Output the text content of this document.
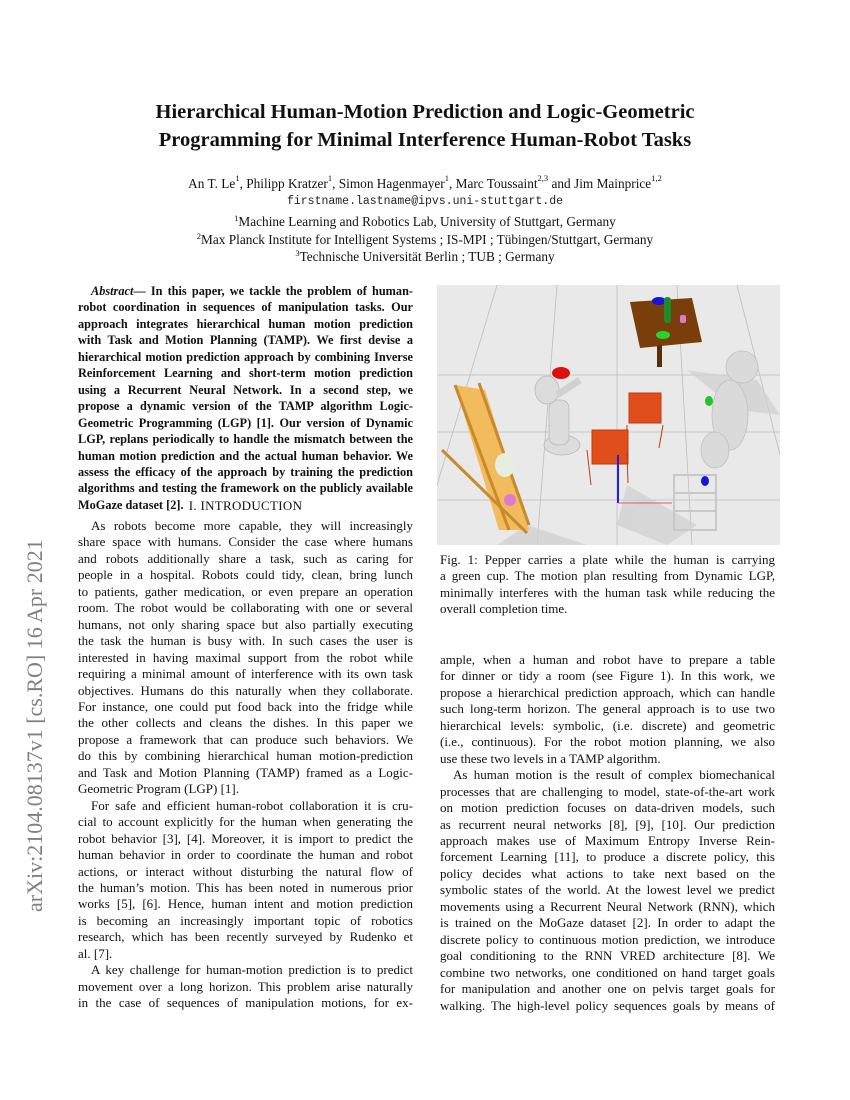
arXiv:2104.08137v1 [cs.RO] 16 Apr 2021
Hierarchical Human-Motion Prediction and Logic-Geometric
Programming for Minimal Interference Human-Robot Tasks
An T. Le$^1$, Philipp Kratzer$^1$, Simon Hagenmayer$^1$, Marc Toussaint$^{2,3}$ and Jim Mainprice$^{1,2}$
firstname.lastname@ipvs.uni-stuttgart.de
$^1$Machine Learning and Robotics Lab, University of Stuttgart, Germany
$^2$Max Planck Institute for Intelligent Systems ; IS-MPI ; Tübingen/Stuttgart, Germany
$^3$Technische Universität Berlin ; TUB ; Germany
Abstract— In this paper, we tackle the problem of human-
robot coordination in sequences of manipulation tasks. Our
approach integrates hierarchical human motion prediction
with Task and Motion Planning (TAMP). We first devise a
hierarchical motion prediction approach by combining Inverse
Reinforcement Learning and short-term motion prediction
using a Recurrent Neural Network. In a second step, we
propose a dynamic version of the TAMP algorithm Logic-
Geometric Programming (LGP) [1]. Our version of Dynamic
LGP, replans periodically to handle the mismatch between the
human motion prediction and the actual human behavior. We
assess the efficacy of the approach by training the prediction
algorithms and testing the framework on the publicly available
MoGaze dataset [2]. I. INTRODUCTION
As robots become more capable, they will increasingly
share space with humans. Consider the case where humans
and robots additionally share a task, such as caring for
people in a hospital. Robots could tidy, clean, bring lunch
to patients, gather medication, or even prepare an operation
room. The robot would be collaborating with one or several
humans, not only sharing space but also partially executing
the task the human is busy with. In such cases the user is
interested in having maximal support from the robot while
requiring a minimal amount of interference with its own task
objectives. Humans do this naturally when they collaborate.
For instance, one could put food back into the fridge while
the other collects and cleans the dishes. In this paper we
propose a framework that can produce such behaviors. We
do this by combining hierarchical human motion-prediction
and Task and Motion Planning (TAMP) framed as a Logic-
Geometric Program (LGP) [1].
For safe and efficient human-robot collaboration it is cru-
cial to account explicitly for the human when generating the
robot behavior [3], [4]. Moreover, it is import to predict the
human behavior in order to coordinate the human and robot
actions, or interact without disturbing the natural flow of
the human’s motion. This has been noted in numerous prior
works [5], [6]. Hence, human intent and motion prediction
is becoming an increasingly important topic of robotics
research, which has been recently surveyed by Rudenko et
al. [7].
A key challenge for human-motion prediction is to predict
movement over a long horizon. This problem arise naturally
in the case of sequences of manipulation motions, for ex-
Fig. 1: Pepper carries a plate while the human is carrying
a green cup. The motion plan resulting from Dynamic LGP,
minimally interferes with the human task while reducing the
overall completion time.
ample, when a human and robot have to prepare a table
for dinner or tidy a room (see Figure 1). In this work, we
propose a hierarchical prediction approach, which can handle
such long-term horizon. The general approach is to use two
hierarchical levels: symbolic, (i.e. discrete) and geometric
(i.e., continuous). For the robot motion planning, we also
use these two levels in a TAMP algorithm.
As human motion is the result of complex biomechanical
processes that are challenging to model, state-of-the-art work
on motion prediction focuses on data-driven models, such
as recurrent neural networks [8], [9], [10]. Our prediction
approach makes use of Maximum Entropy Inverse Rein-
forcement Learning [11], to produce a discrete policy, this
policy decides what actions to take next based on the
symbolic states of the world. At the lowest level we predict
movements using a Recurrent Neural Network (RNN), which
is trained on the MoGaze dataset [2]. In order to adapt the
discrete policy to continuous motion prediction, we introduce
goal conditioning to the RNN VRED architecture [8]. We
combine two networks, one conditioned on hand target goals
for manipulation and another one on pelvis target goals for
walking. The high-level policy sequences goals by means of
